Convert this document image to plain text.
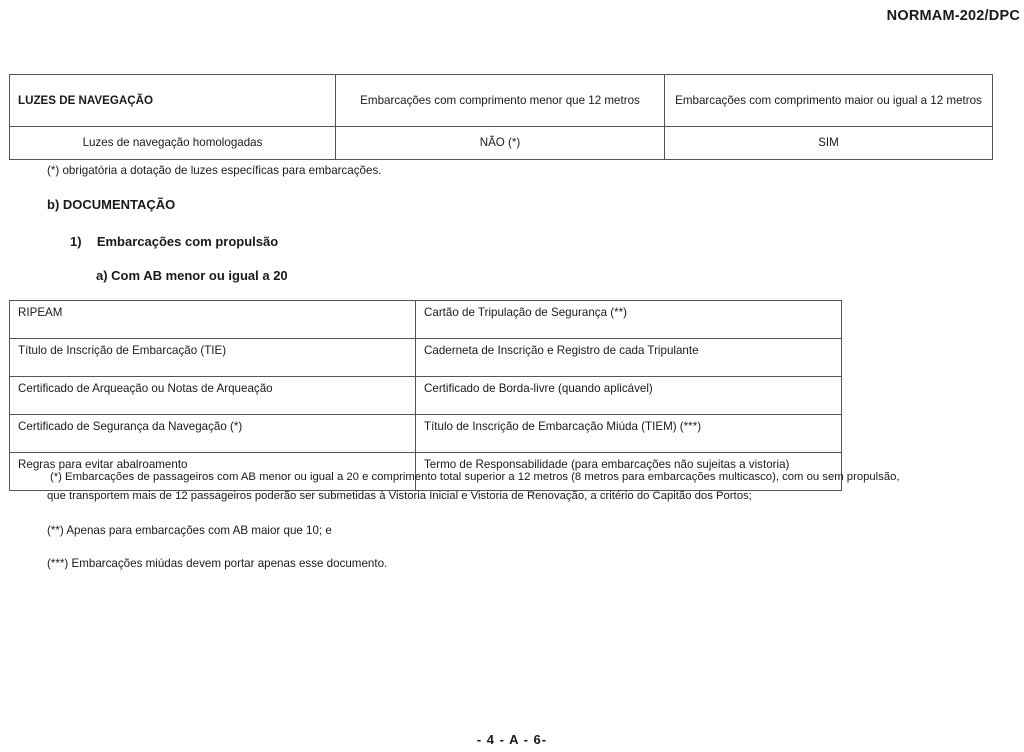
NORMAM-202/DPC
LUZES DE NAVEGAÇÃO	Embarcações com comprimento menor que 12 metros	Embarcações com comprimento maior ou igual a 12 metros
Luzes de navegação homologadas	NÃO (*)	SIM
(*) obrigatória a dotação de luzes específicas para embarcações.
b) DOCUMENTAÇÃO
1) Embarcações com propulsão
a) Com AB menor ou igual a 20
RIPEAM	Cartão de Tripulação de Segurança (**)
Título de Inscrição de Embarcação (TIE)	Caderneta de Inscrição e Registro de cada Tripulante
Certificado de Arqueação ou Notas de Arqueação	Certificado de Borda-livre (quando aplicável)
Certificado de Segurança da Navegação (*)	Título de Inscrição de Embarcação Miúda (TIEM) (***)
Regras para evitar abalroamento	Termo de Responsabilidade (para embarcações não sujeitas a vistoria)
(*) Embarcações de passageiros com AB menor ou igual a 20 e comprimento total superior a 12 metros (8 metros para embarcações multicasco), com ou sem propulsão,
que transportem mais de 12 passageiros poderão ser submetidas à Vistoria Inicial e Vistoria de Renovação, a critério do Capitão dos Portos;
(**) Apenas para embarcações com AB maior que 10; e
(***) Embarcações miúdas devem portar apenas esse documento.
- 4 - A - 6-
